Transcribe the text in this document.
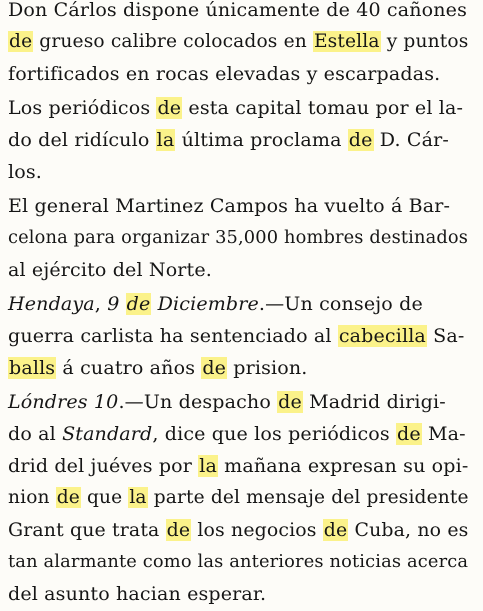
Don Cárlos dispone únicamente de 40 cañones
de grueso calibre colocados en Estella y puntos
fortificados en rocas elevadas y escarpadas.
Los periódicos de esta capital tomau por el la-
do del ridículo la última proclama de D. Cár-
los.
El general Martinez Campos ha vuelto á Bar-
celona para organizar 35,000 hombres destinados
al ejército del Norte.
Hendaya, 9 de Diciembre.—Un consejo de
guerra carlista ha sentenciado al cabecilla Sa-
balls á cuatro años de prision.
Lóndres 10.—Un despacho de Madrid dirigi-
do al Standard, dice que los periódicos de Ma-
drid del juéves por la mañana expresan su opi-
nion de que la parte del mensaje del presidente
Grant que trata de los negocios de Cuba, no es
tan alarmante como las anteriores noticias acerca
del asunto hacian esperar.
